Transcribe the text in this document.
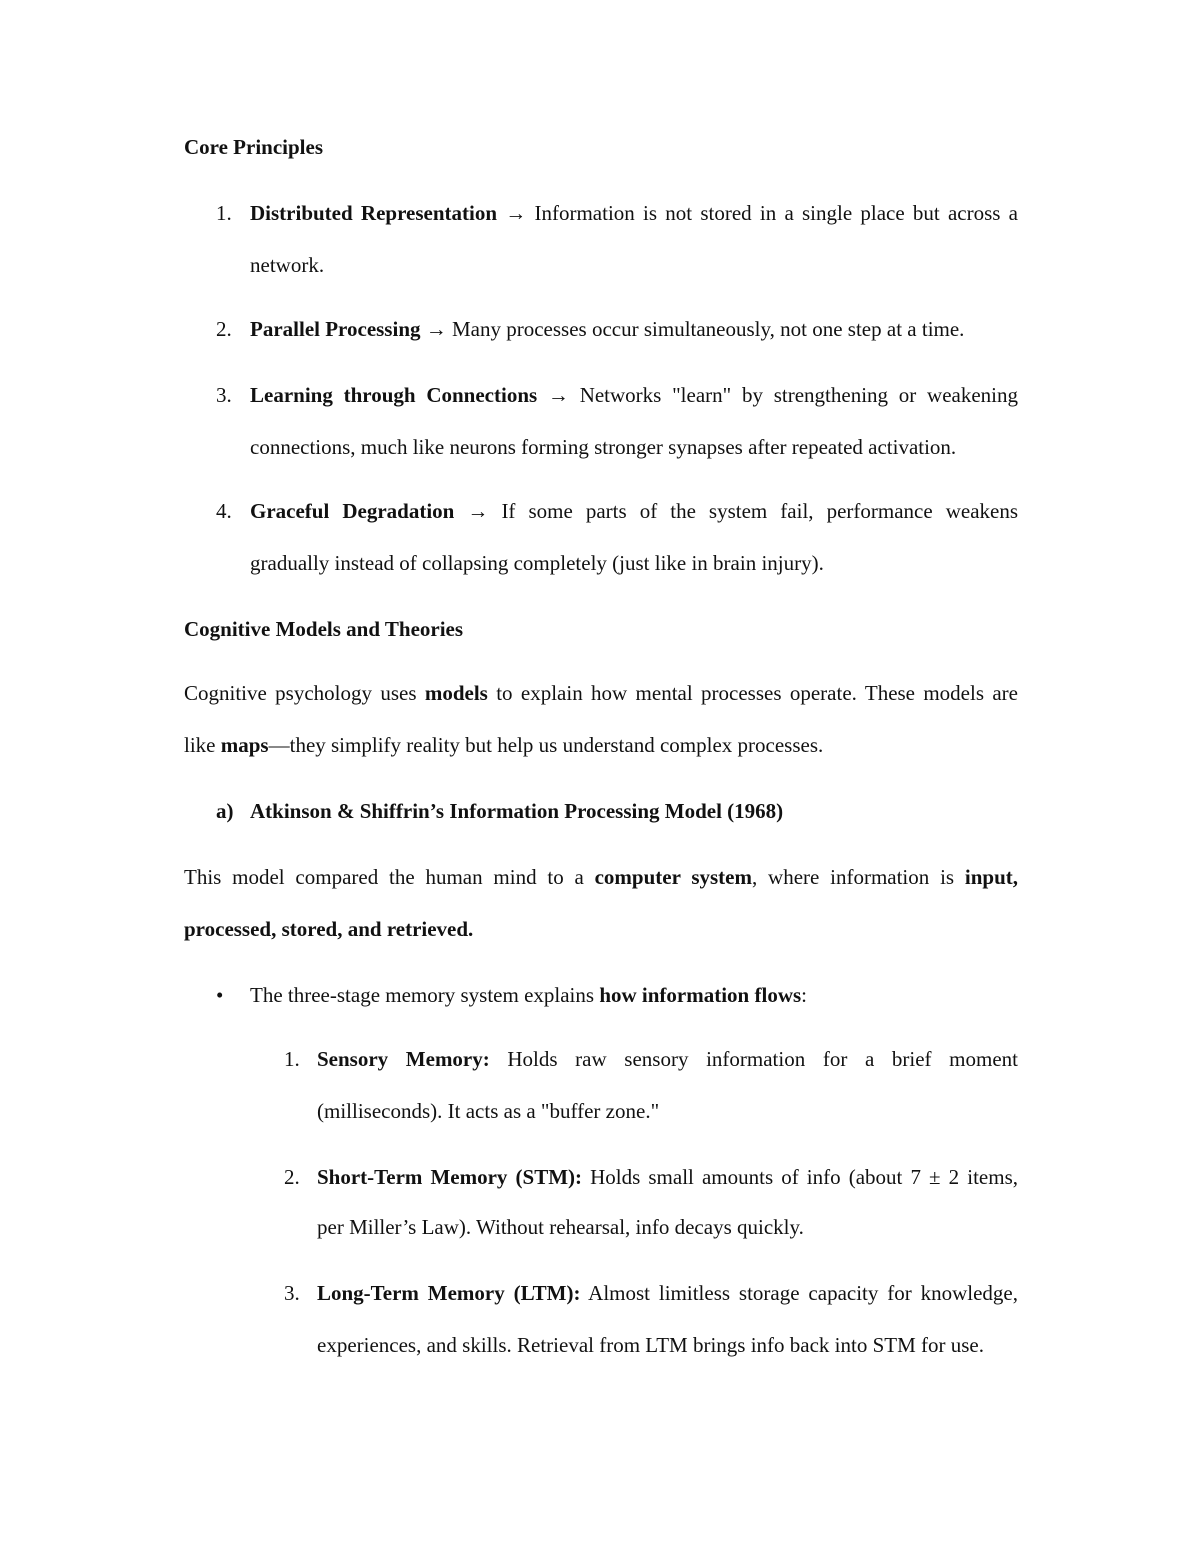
Core Principles
1. Distributed Representation → Information is not stored in a single place but across a
network.
2. Parallel Processing → Many processes occur simultaneously, not one step at a time.
3. Learning through Connections → Networks "learn" by strengthening or weakening
connections, much like neurons forming stronger synapses after repeated activation.
4. Graceful Degradation → If some parts of the system fail, performance weakens
gradually instead of collapsing completely (just like in brain injury).
Cognitive Models and Theories
Cognitive psychology uses models to explain how mental processes operate. These models are
like maps—they simplify reality but help us understand complex processes.
a) Atkinson & Shiffrin’s Information Processing Model (1968)
This model compared the human mind to a computer system, where information is input,
processed, stored, and retrieved.
• The three-stage memory system explains how information flows:
1. Sensory Memory: Holds raw sensory information for a brief moment
(milliseconds). It acts as a "buffer zone."
2. Short-Term Memory (STM): Holds small amounts of info (about 7 ± 2 items,
per Miller’s Law). Without rehearsal, info decays quickly.
3. Long-Term Memory (LTM): Almost limitless storage capacity for knowledge,
experiences, and skills. Retrieval from LTM brings info back into STM for use.
